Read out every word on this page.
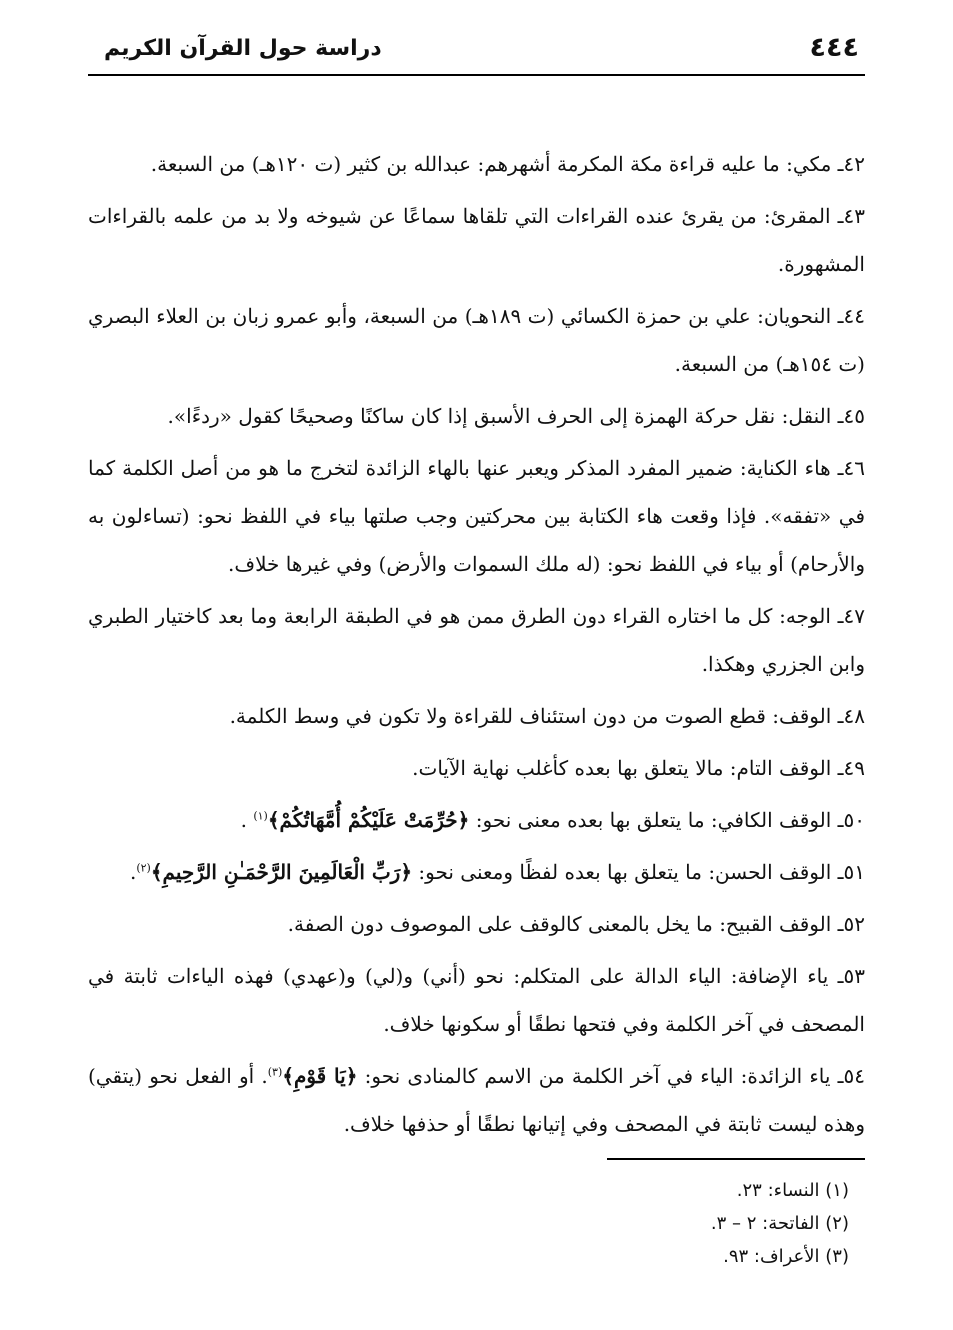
٤٤٤
دراسة حول القرآن الكريم

٤٢ـ مكي: ما عليه قراءة مكة المكرمة أشهرهم: عبدالله بن كثير (ت ١٢٠هـ) من السبعة.

٤٣ـ المقرئ: من يقرئ عنده القراءات التي تلقاها سماعًا عن شيوخه ولا بد من علمه بالقراءات المشهورة.

٤٤ـ النحويان: علي بن حمزة الكسائي (ت ١٨٩هـ) من السبعة، وأبو عمرو زبان بن العلاء البصري (ت ١٥٤هـ) من السبعة.

٤٥ـ النقل: نقل حركة الهمزة إلى الحرف الأسبق إذا كان ساكنًا وصحيحًا كقول «ردءًا».

٤٦ـ هاء الكناية: ضمير المفرد المذكر ويعبر عنها بالهاء الزائدة لتخرج ما هو من أصل الكلمة كما في «تفقه». فإذا وقعت هاء الكتابة بين محركتين وجب صلتها بياء في اللفظ نحو: (تساءلون به والأرحام) أو بياء في اللفظ نحو: (له ملك السموات والأرض) وفي غيرها خلاف.

٤٧ـ الوجه: كل ما اختاره القراء دون الطرق ممن هو في الطبقة الرابعة وما بعد كاختيار الطبري وابن الجزري وهكذا.

٤٨ـ الوقف: قطع الصوت من دون استئناف للقراءة ولا تكون في وسط الكلمة.

٤٩ـ الوقف التام: مالا يتعلق بها بعده كأغلب نهاية الآيات.

٥٠ـ الوقف الكافي: ما يتعلق بها بعده معنى نحو: ﴿حُرِّمَتْ عَلَيْكُمْ أُمَّهَاتُكُمْ﴾$^{(١)}$ .

٥١ـ الوقف الحسن: ما يتعلق بها بعده لفظًا ومعنى نحو: ﴿رَبِّ الْعَالَمِينَ الرَّحْمَـٰنِ الرَّحِيمِ﴾$^{(٢)}$.

٥٢ـ الوقف القبيح: ما يخل بالمعنى كالوقف على الموصوف دون الصفة.

٥٣ـ ياء الإضافة: الياء الدالة على المتكلم: نحو (أني) و(لي) و(عهدي) فهذه الياءات ثابتة في المصحف في آخر الكلمة وفي فتحها نطقًا أو سكونها خلاف.

٥٤ـ ياء الزائدة: الياء في آخر الكلمة من الاسم كالمنادى نحو: ﴿يَا قَوْمِ﴾$^{(٣)}$. أو الفعل نحو (يتقي) وهذه ليست ثابتة في المصحف وفي إتيانها نطقًا أو حذفها خلاف.

(١) النساء: ٢٣.

(٢) الفاتحة: ٢ – ٣.

(٣) الأعراف: ٩٣.
